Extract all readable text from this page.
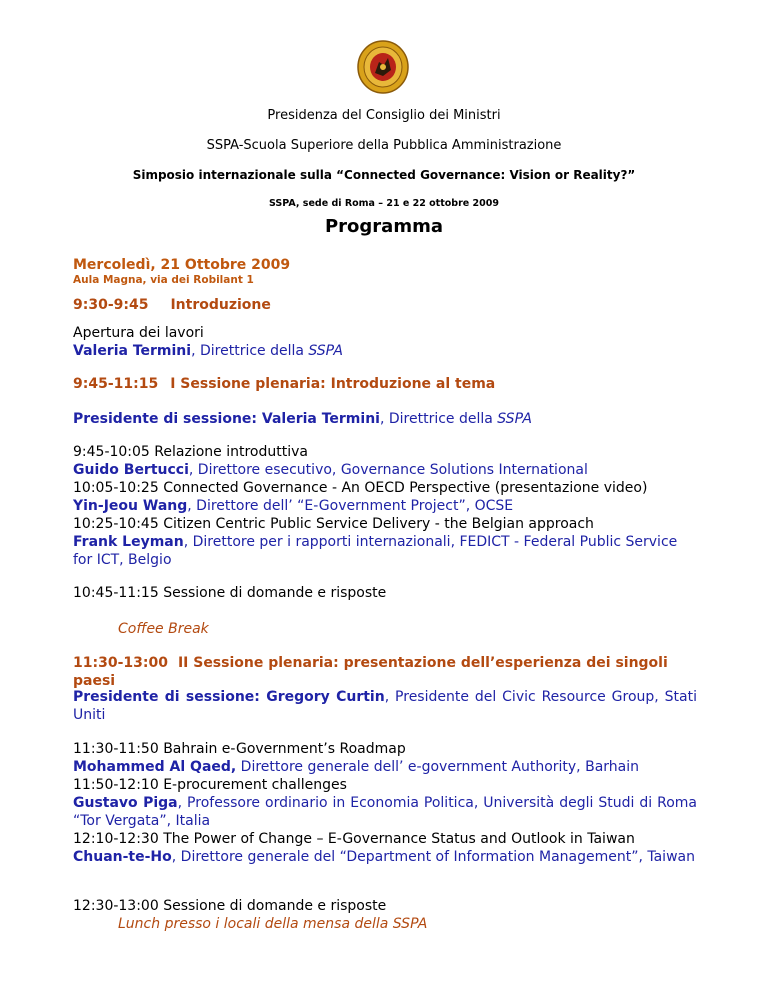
Presidenza del Consiglio dei Ministri
SSPA-Scuola Superiore della Pubblica Amministrazione
Simposio internazionale sulla “Connected Governance: Vision or Reality?”
SSPA, sede di Roma – 21 e 22 ottobre 2009
Programma
Mercoledì, 21 Ottobre 2009
Aula Magna, via dei Robilant 1
9:30-9:45 Introduzione
Apertura dei lavori
Valeria Termini, Direttrice della SSPA
9:45-11:15 I Sessione plenaria: Introduzione al tema
Presidente di sessione: Valeria Termini, Direttrice della SSPA
9:45-10:05 Relazione introduttiva
Guido Bertucci, Direttore esecutivo, Governance Solutions International
10:05-10:25 Connected Governance - An OECD Perspective (presentazione video)
Yin-Jeou Wang, Direttore dell’ “E-Government Project”, OCSE
10:25-10:45 Citizen Centric Public Service Delivery - the Belgian approach
Frank Leyman, Direttore per i rapporti internazionali, FEDICT - Federal Public Service for ICT, Belgio
10:45-11:15 Sessione di domande e risposte
Coffee Break
11:30-13:00 II Sessione plenaria: presentazione dell’esperienza dei singoli paesi
Presidente di sessione: Gregory Curtin, Presidente del Civic Resource Group, Stati Uniti
11:30-11:50 Bahrain e-Government’s Roadmap
Mohammed Al Qaed, Direttore generale dell’ e-government Authority, Barhain
11:50-12:10 E-procurement challenges
Gustavo Piga, Professore ordinario in Economia Politica, Università degli Studi di Roma “Tor Vergata”, Italia
12:10-12:30 The Power of Change – E-Governance Status and Outlook in Taiwan
Chuan-te-Ho, Direttore generale del “Department of Information Management”, Taiwan
12:30-13:00 Sessione di domande e risposte
Lunch presso i locali della mensa della SSPA
